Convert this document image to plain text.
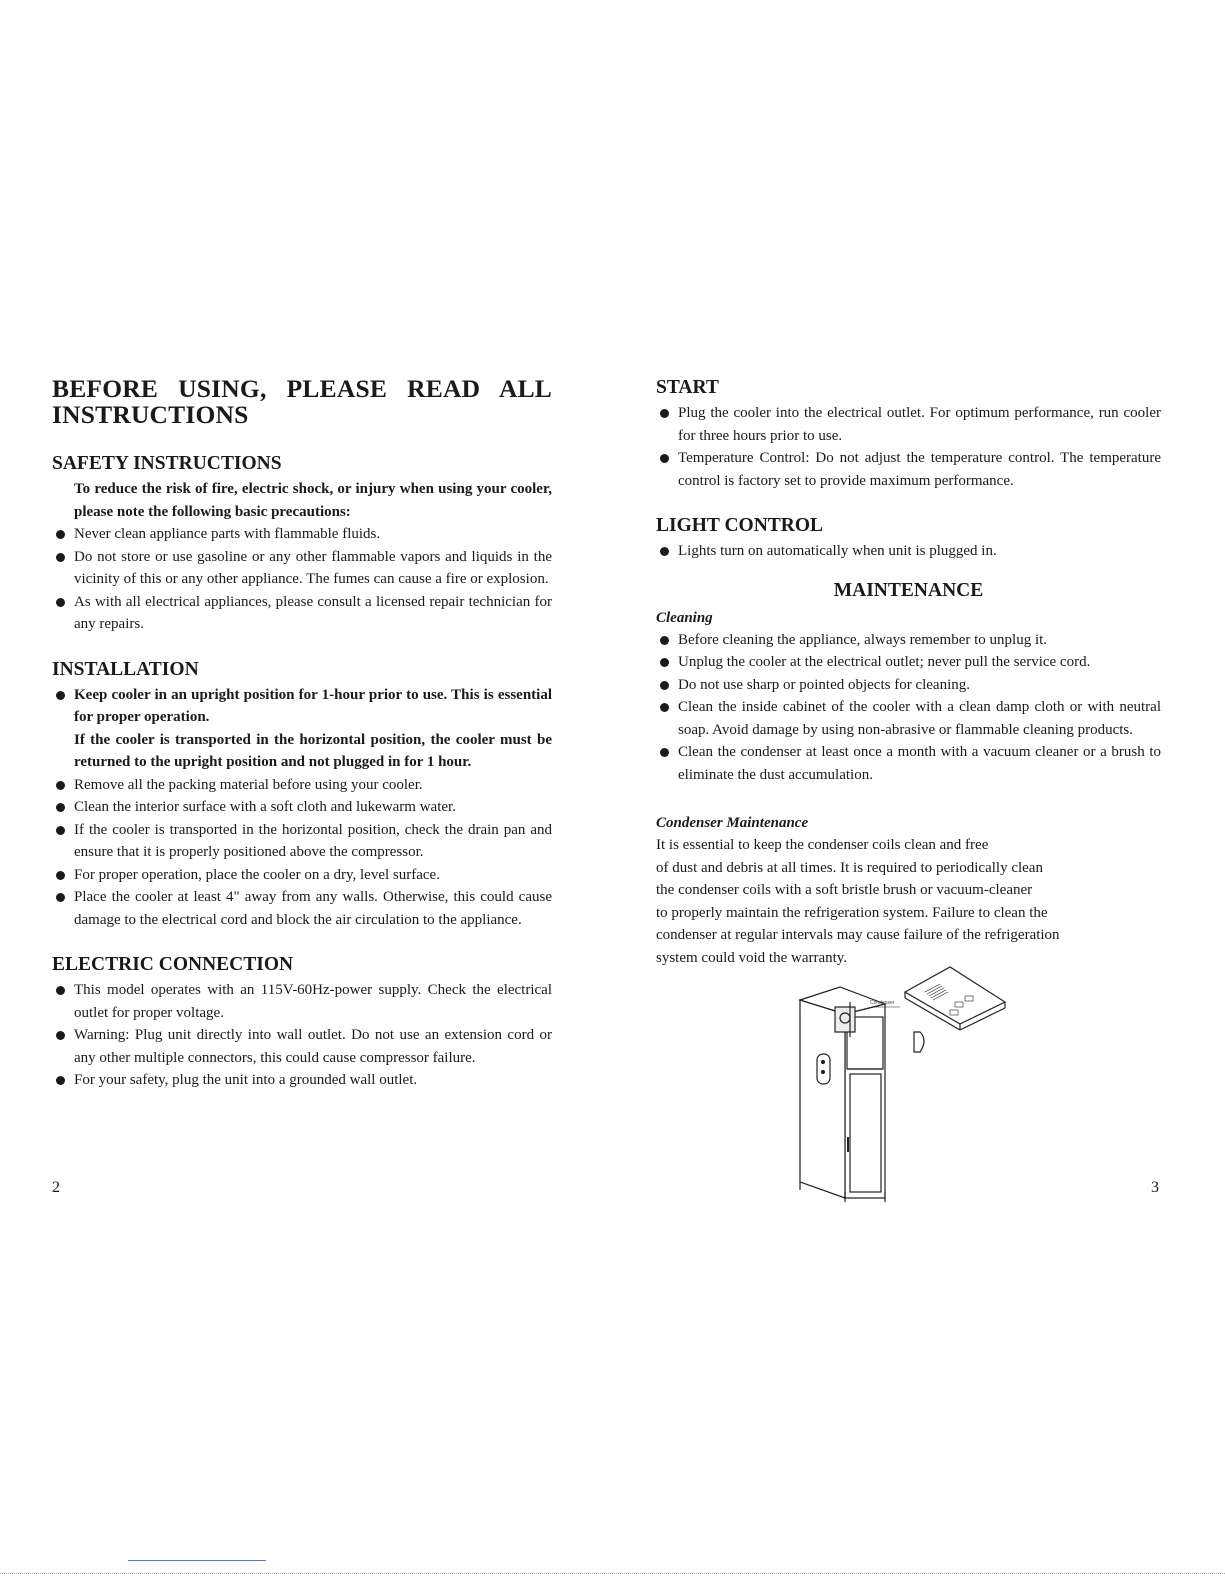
BEFORE USING, PLEASE READ ALL
INSTRUCTIONS
SAFETY INSTRUCTIONS

To reduce the risk of fire, electric shock, or injury when using your cooler, please note the following basic precautions:

Never clean appliance parts with flammable fluids.
Do not store or use gasoline or any other flammable vapors and liquids in the vicinity of this or any other appliance. The fumes can cause a fire or explosion.
As with all electrical appliances, please consult a licensed repair technician for any repairs.
INSTALLATION
Keep cooler in an upright position for 1-hour prior to use. This is essential for proper operation.
If the cooler is transported in the horizontal position, the cooler must be returned to the upright position and not plugged in for 1 hour.
Remove all the packing material before using your cooler.
Clean the interior surface with a soft cloth and lukewarm water.
If the cooler is transported in the horizontal position, check the drain pan and ensure that it is properly positioned above the compressor.
For proper operation, place the cooler on a dry, level surface.
Place the cooler at least 4" away from any walls. Otherwise, this could cause damage to the electrical cord and block the air circulation to the appliance.
ELECTRIC CONNECTION
This model operates with an 115V-60Hz-power supply. Check the electrical outlet for proper voltage.
Warning: Plug unit directly into wall outlet. Do not use an extension cord or any other multiple connectors, this could cause compressor failure.
For your safety, plug the unit into a grounded wall outlet.
START
Plug the cooler into the electrical outlet. For optimum performance, run cooler for three hours prior to use.
Temperature Control: Do not adjust the temperature control. The temperature control is factory set to provide maximum performance.
LIGHT CONTROL
Lights turn on automatically when unit is plugged in.
MAINTENANCE
Cleaning
Before cleaning the appliance, always remember to unplug it.
Unplug the cooler at the electrical outlet; never pull the service cord.
Do not use sharp or pointed objects for cleaning.
Clean the inside cabinet of the cooler with a clean damp cloth or with neutral soap. Avoid damage by using non-abrasive or flammable cleaning products.
Clean the condenser at least once a month with a vacuum cleaner or a brush to eliminate the dust accumulation.
Condenser Maintenance

It is essential to keep the condenser coils clean and free

of dust and debris at all times. It is required to periodically clean

the condenser coils with a soft bristle brush or vacuum-cleaner

to properly maintain the refrigeration system. Failure to clean the

condenser at regular intervals may cause failure of the refrigeration

system could void the warranty.

Condenser
2	3
